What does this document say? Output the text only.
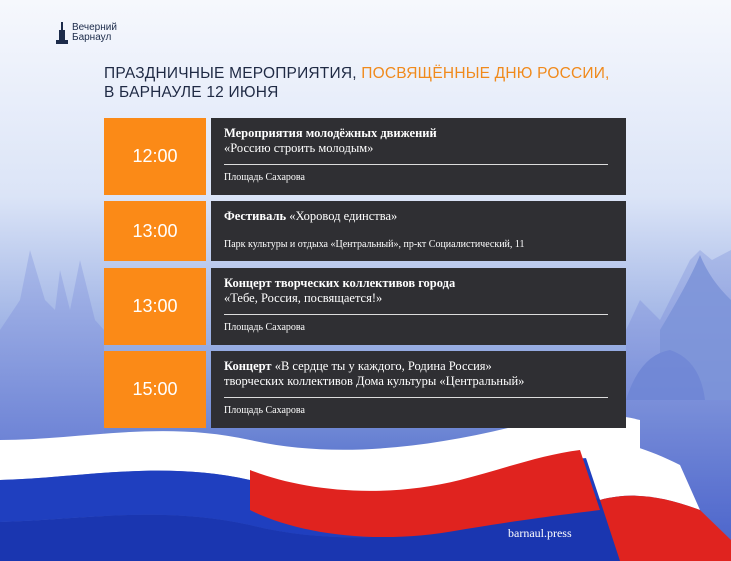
Вечерний
Барнаул
ПРАЗДНИЧНЫЕ МЕРОПРИЯТИЯ, ПОСВЯЩЁННЫЕ ДНЮ РОССИИ,
В БАРНАУЛЕ 12 ИЮНЯ
12:00
Мероприятия молодёжных движений
«Россию строить молодым»
Площадь Сахарова
13:00
Фестиваль «Хоровод единства»
Парк культуры и отдыха «Центральный», пр-кт Социалистический, 11
13:00
Концерт творческих коллективов города
«Тебе, Россия, посвящается!»
Площадь Сахарова
15:00
Концерт «В сердце ты у каждого, Родина Россия»
творческих коллективов Дома культуры «Центральный»
Площадь Сахарова
barnaul.press
